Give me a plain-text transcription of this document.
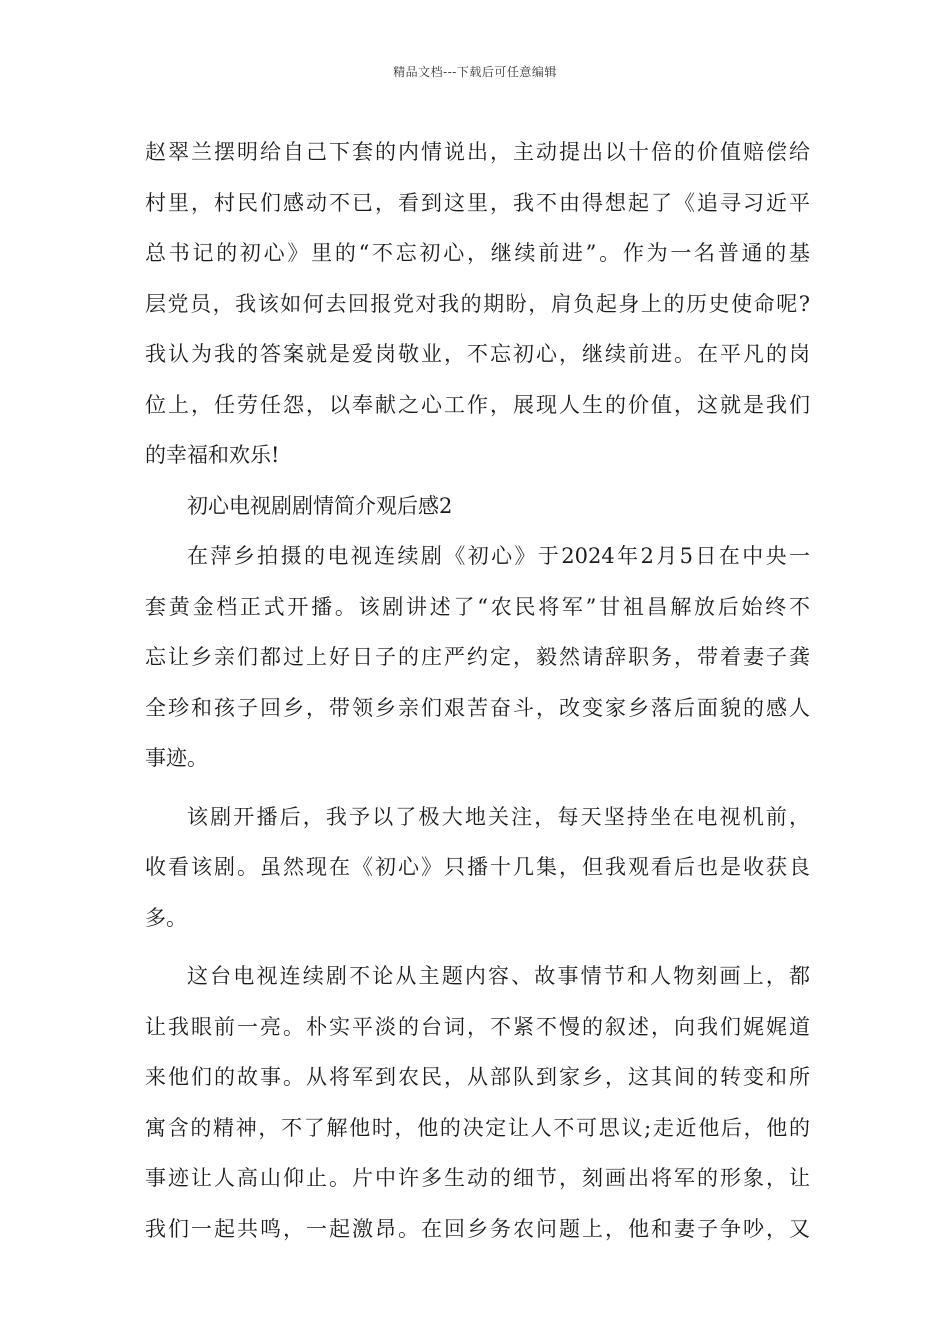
精品文档---下载后可任意编辑
赵翠兰摆明给自己下套的内情说出，主动提出以十倍的价值赔偿给
村里，村民们感动不已，看到这里，我不由得想起了《追寻习近平
总书记的初心》里的“不忘初心，继续前进”。作为一名普通的基
层党员，我该如何去回报党对我的期盼，肩负起身上的历史使命呢?
我认为我的答案就是爱岗敬业，不忘初心，继续前进。在平凡的岗
位上，任劳任怨，以奉献之心工作，展现人生的价值，这就是我们
的幸福和欢乐!
初心电视剧剧情简介观后感2
在萍乡拍摄的电视连续剧《初心》于2024年2月5日在中央一
套黄金档正式开播。该剧讲述了“农民将军”甘祖昌解放后始终不
忘让乡亲们都过上好日子的庄严约定，毅然请辞职务，带着妻子龚
全珍和孩子回乡，带领乡亲们艰苦奋斗，改变家乡落后面貌的感人
事迹。
该剧开播后，我予以了极大地关注，每天坚持坐在电视机前，
收看该剧。虽然现在《初心》只播十几集，但我观看后也是收获良
多。
这台电视连续剧不论从主题内容、故事情节和人物刻画上，都
让我眼前一亮。朴实平淡的台词，不紧不慢的叙述，向我们娓娓道
来他们的故事。从将军到农民，从部队到家乡，这其间的转变和所
寓含的精神，不了解他时，他的决定让人不可思议;走近他后，他的
事迹让人高山仰止。片中许多生动的细节，刻画出将军的形象，让
我们一起共鸣，一起激昂。在回乡务农问题上，他和妻子争吵，又
